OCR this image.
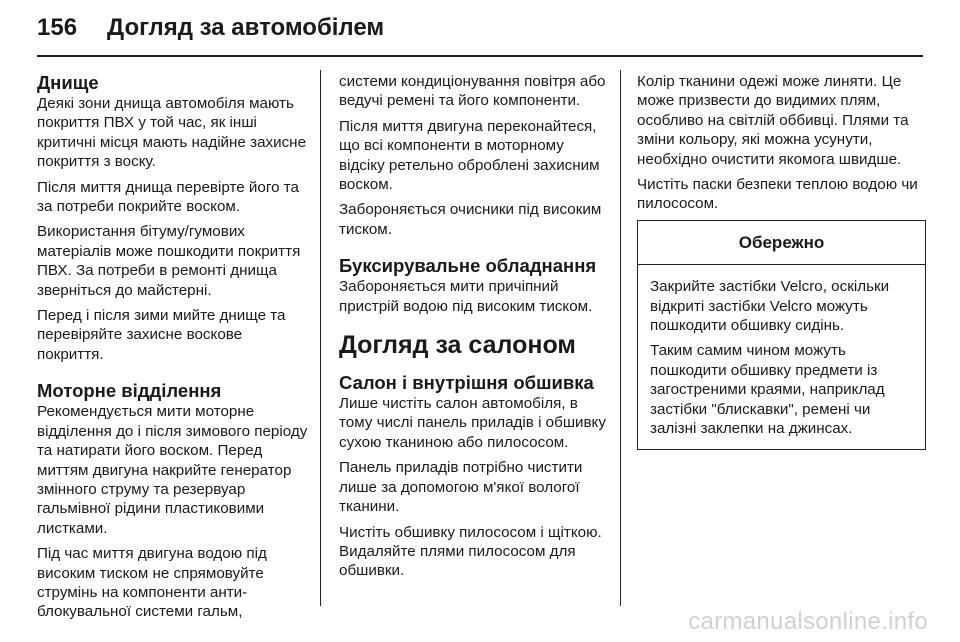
156 Догляд за автомобілем
Днище

Деякі зони днища автомобіля мають покриття ПВХ у той час, як інші критичні місця мають надійне захисне покриття з воску.

Після миття днища перевірте його та за потреби покрийте воском.

Використання бітуму/гумових матеріалів може пошкодити покриття ПВХ. За потреби в ремонті днища зверніться до майстерні.

Перед і після зими мийте днище та перевіряйте захисне воскове покриття.

Моторне відділення

Рекомендується мити моторне відділення до і після зимового періоду та натирати його воском. Перед миттям двигуна накрийте генератор змінного струму та резервуар гальмівної рідини пластиковими листками.

Під час миття двигуна водою під високим тиском не спрямовуйте струмінь на компоненти анти-блокувальної системи гальм,

системи кондиціонування повітря або ведучі ремені та його компоненти.

Після миття двигуна переконайтеся, що всі компоненти в моторному відсіку ретельно оброблені захисним воском.

Забороняється очисники під високим тиском.

Буксирувальне обладнання

Забороняється мити причіпний пристрій водою під високим тиском.

Догляд за салоном
Салон і внутрішня обшивка

Лише чистіть салон автомобіля, в тому числі панель приладів і обшивку сухою тканиною або пилососом.

Панель приладів потрібно чистити лише за допомогою м'якої вологої тканини.

Чистіть обшивку пилососом і щіткою. Видаляйте плями пилососом для обшивки.

Колір тканини одежі може линяти. Це може призвести до видимих плям, особливо на світлій оббивці. Плями та зміни кольору, які можна усунути, необхідно очистити якомога швидше.

Чистіть паски безпеки теплою водою чи пилососом.

Обережно

Закрийте застібки Velcro, оскільки відкриті застібки Velcro можуть пошкодити обшивку сидінь.

Таким самим чином можуть пошкодити обшивку предмети із загостреними краями, наприклад застібки "блискавки", ремені чи залізні заклепки на джинсах.

carmanualsonline.info
